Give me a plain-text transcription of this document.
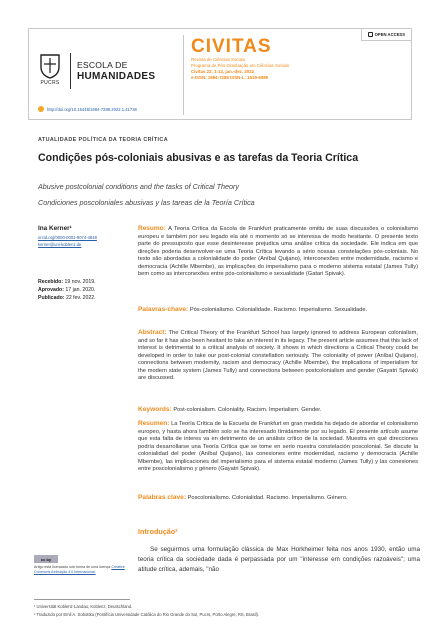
OPEN ACCESS
PUCRS
ESCOLA DE
HUMANIDADES
CIVITAS
Revista de Ciências Sociais
Programa de Pós-Graduação em Ciências Sociais
Civitas 22: 1-12, jan.-dez. 2022
e-ISSN: 1984-7289 ISSN-L: 1519-6089
http://doi.org/10.15448/1984-7289.2022.1.41738
ATUALIDADE POLÍTICA DA TEORIA CRÍTICA
Condições pós-coloniais abusivas e as tarefas da Teoria Crítica
Abusive postcolonial conditions and the tasks of Critical Theory
Condiciones poscoloniales abusivas y las tareas de la Teoría Crítica
Ina Kerner¹
orcid.org/0000-0001-9074-4848
kerner@uni-koblenz.de
Recebido: 19 nov. 2019.
Aprovado: 17 jan. 2020.
Publicado: 22 fev. 2022.
Resumo: A Teoria Crítica da Escola de Frankfurt praticamente omitiu de suas discussões o colonialismo europeu e também por seu legado ela até o momento só se interessa de modo hesitante. O presente texto parte do pressuposto que esse desinteresse prejudica uma análise crítica da sociedade. Ele indica em que direções poderia desenvolver-se uma Teoria Crítica levando a sério nossas constelações pós-coloniais. No texto são abordadas a colonialidade do poder (Aníbal Quijano), interconexões entre modernidade, racismo e democracia (Achille Mbembe), as implicações do imperialismo para o moderno sistema estatal (James Tully) bem como as interconexões entre pós-colonialismo e sexualidade (Gatari Spivak).
Palavras-chave: Pós-colonialismo. Colonialidade. Racismo. Imperialismo. Sexualidade.
Abstract: The Critical Theory of the Frankfurt School has largely ignored to address European colonialism, and so far it has also been hesitant to take an interest in its legacy. The present article assumes that this lack of interest is detrimental to a critical analysis of society. It shows in which directions a Critical Theory could be developed in order to take our post-colonial constellation seriously. The coloniality of power (Aníbal Quijano), connections between modernity, racism and democracy (Achille Mbembe), the implications of imperialism for the modern state system (James Tully) and connections between postcolonialism and gender (Gayatri Spivak) are discussed.
Keywords: Post-colonialism. Coloniality. Racism. Imperialism. Gender.
Resumen: La Teoría Crítica de la Escuela de Frankfurt en gran medida ha dejado de abordar el colonialismo europeo, y hasta ahora también solo se ha interesado tímidamente por su legado. El presente artículo asume que esta falta de interes va en detrimento de un análisis crítico de la sociedad. Muestra en qué direcciones podría desarrollarse una Teoría Crítica que se tome en serio nuestra constelación poscolonial. Se discute la colonialidad del poder (Aníbal Quijano), las conexiones entre modernidad, racismo y democracia (Achille Mbembe), las implicaciones del imperialismo para el sistema estatal moderno (James Tully) y las conexiones entre poscolonialismo y género (Gayatri Spivak).
Palabras clave: Poscolonialismo. Colonialidad. Racismo. Imperialismo. Género.
Introdução²
Se seguirmos uma formulação clássica de Max Horkheimer feita nos anos 1930, então uma teoria crítica da sociedade dada é perpassada por um "interesse em condições razoáveis"; uma atitude crítica, ademais, "não
cc by
Artigo está licenciado sob forma de uma licença Creative Commons Atribuição 4.0 Internacional.
¹ Universität Koblenz-Landau, Koblenz, Deutschland.
² Traduzido por Emil A. Sobottka (Pontifícia Universidade Católica do Rio Grande do Sul, Pucrs, Porto Alegre, RS, Brasil).
